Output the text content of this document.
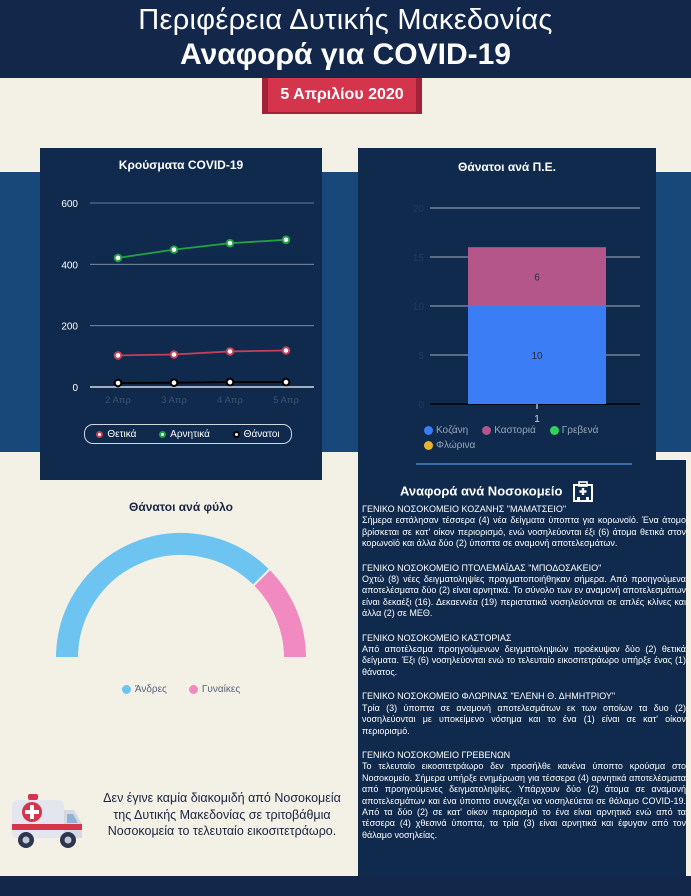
Περιφέρεια Δυτικής Μακεδονίας
Αναφορά για COVID-19
5 Απριλίου 2020
Κρούσματα COVID-19
600
400
200
0
2 Απρ	3 Απρ	4 Απρ	5 Απρ
Θετικά	Αρνητικά	Θάνατοι
Θάνατοι ανά Π.Ε.
20
15
10
5
0
10
6
1
Κοζάνη	Καστοριά	Γρεβενά

Φλώρινα
Αναφορά ανά Νοσοκομείο
ΓΕΝΙΚΟ ΝΟΣΟΚΟΜΕΙΟ ΚΟΖΑΝΗΣ "ΜΑΜΑΤΣΕΙΟ"
Σήμερα εστάλησαν τέσσερα (4) νέα δείγματα ύποπτα για κορωνοϊό. Ένα άτομο βρίσκεται σε κατ' οίκον περιορισμό, ενώ νοσηλεύονται έξι (6) άτομα θετικά στον κορωνοϊό και άλλα δύο (2) ύποπτα σε αναμονή αποτελεσμάτων.
ΓΕΝΙΚΟ ΝΟΣΟΚΟΜΕΙΟ ΠΤΟΛΕΜΑΪΔΑΣ "ΜΠΟΔΟΣΑΚΕΙΟ"
Οχτώ (8) νέες δειγματοληψίες πραγματοποιήθηκαν σήμερα. Από προηγούμενα αποτελέσματα δύο (2) είναι αρνητικά. Το σύνολο των εν αναμονή αποτελεσμάτων είναι δεκαέξι (16). Δεκαεννέα (19) περιστατικά νοσηλεύονται σε απλές κλίνες και άλλα (2) σε ΜΕΘ.
ΓΕΝΙΚΟ ΝΟΣΟΚΟΜΕΙΟ ΚΑΣΤΟΡΙΑΣ
Από αποτέλεσμα προηγούμενων δειγματοληψιών προέκυψαν δύο (2) θετικά δείγματα. Έξι (6) νοσηλεύονται ενώ το τελευταίο εικοσιτετράωρο υπήρξε ένας (1) θάνατος.
ΓΕΝΙΚΟ ΝΟΣΟΚΟΜΕΙΟ ΦΛΩΡΙΝΑΣ "ΕΛΕΝΗ Θ. ΔΗΜΗΤΡΙΟΥ"
Τρία (3) ύποπτα σε αναμονή αποτελεσμάτων εκ των οποίων τα δυο (2) νοσηλεύονται με υποκείμενο νόσημα και το ένα (1) είναι σε κατ' οίκον περιορισμό.
ΓΕΝΙΚΟ ΝΟΣΟΚΟΜΕΙΟ ΓΡΕΒΕΝΩΝ
Το τελευταίο εικοσιτετράωρο δεν προσήλθε κανένα ύποπτο κρούσμα στο Νοσοκομείο. Σήμερα υπήρξε ενημέρωση για τέσσερα (4) αρνητικά αποτελέσματα από προηγούμενες δειγματοληψίες. Υπάρχουν δύο (2) άτομα σε αναμονή αποτελεσμάτων και ένα ύποπτο συνεχίζει να νοσηλεύεται σε θάλαμο COVID-19. Από τα δύο (2) σε κατ' οίκον περιορισμό το ένα είναι αρνητικό ενώ από τα τέσσερα (4) χθεσινά ύποπτα, τα τρία (3) είναι αρνητικά και έφυγαν από τον θάλαμο νοσηλείας.
Θάνατοι ανά φύλο
Άνδρες	Γυναίκες
Δεν έγινε καμία διακομιδή από Νοσοκομεία της Δυτικής Μακεδονίας σε τριτοβάθμια Νοσοκομεία το τελευταίο εικοσιτετράωρο.
